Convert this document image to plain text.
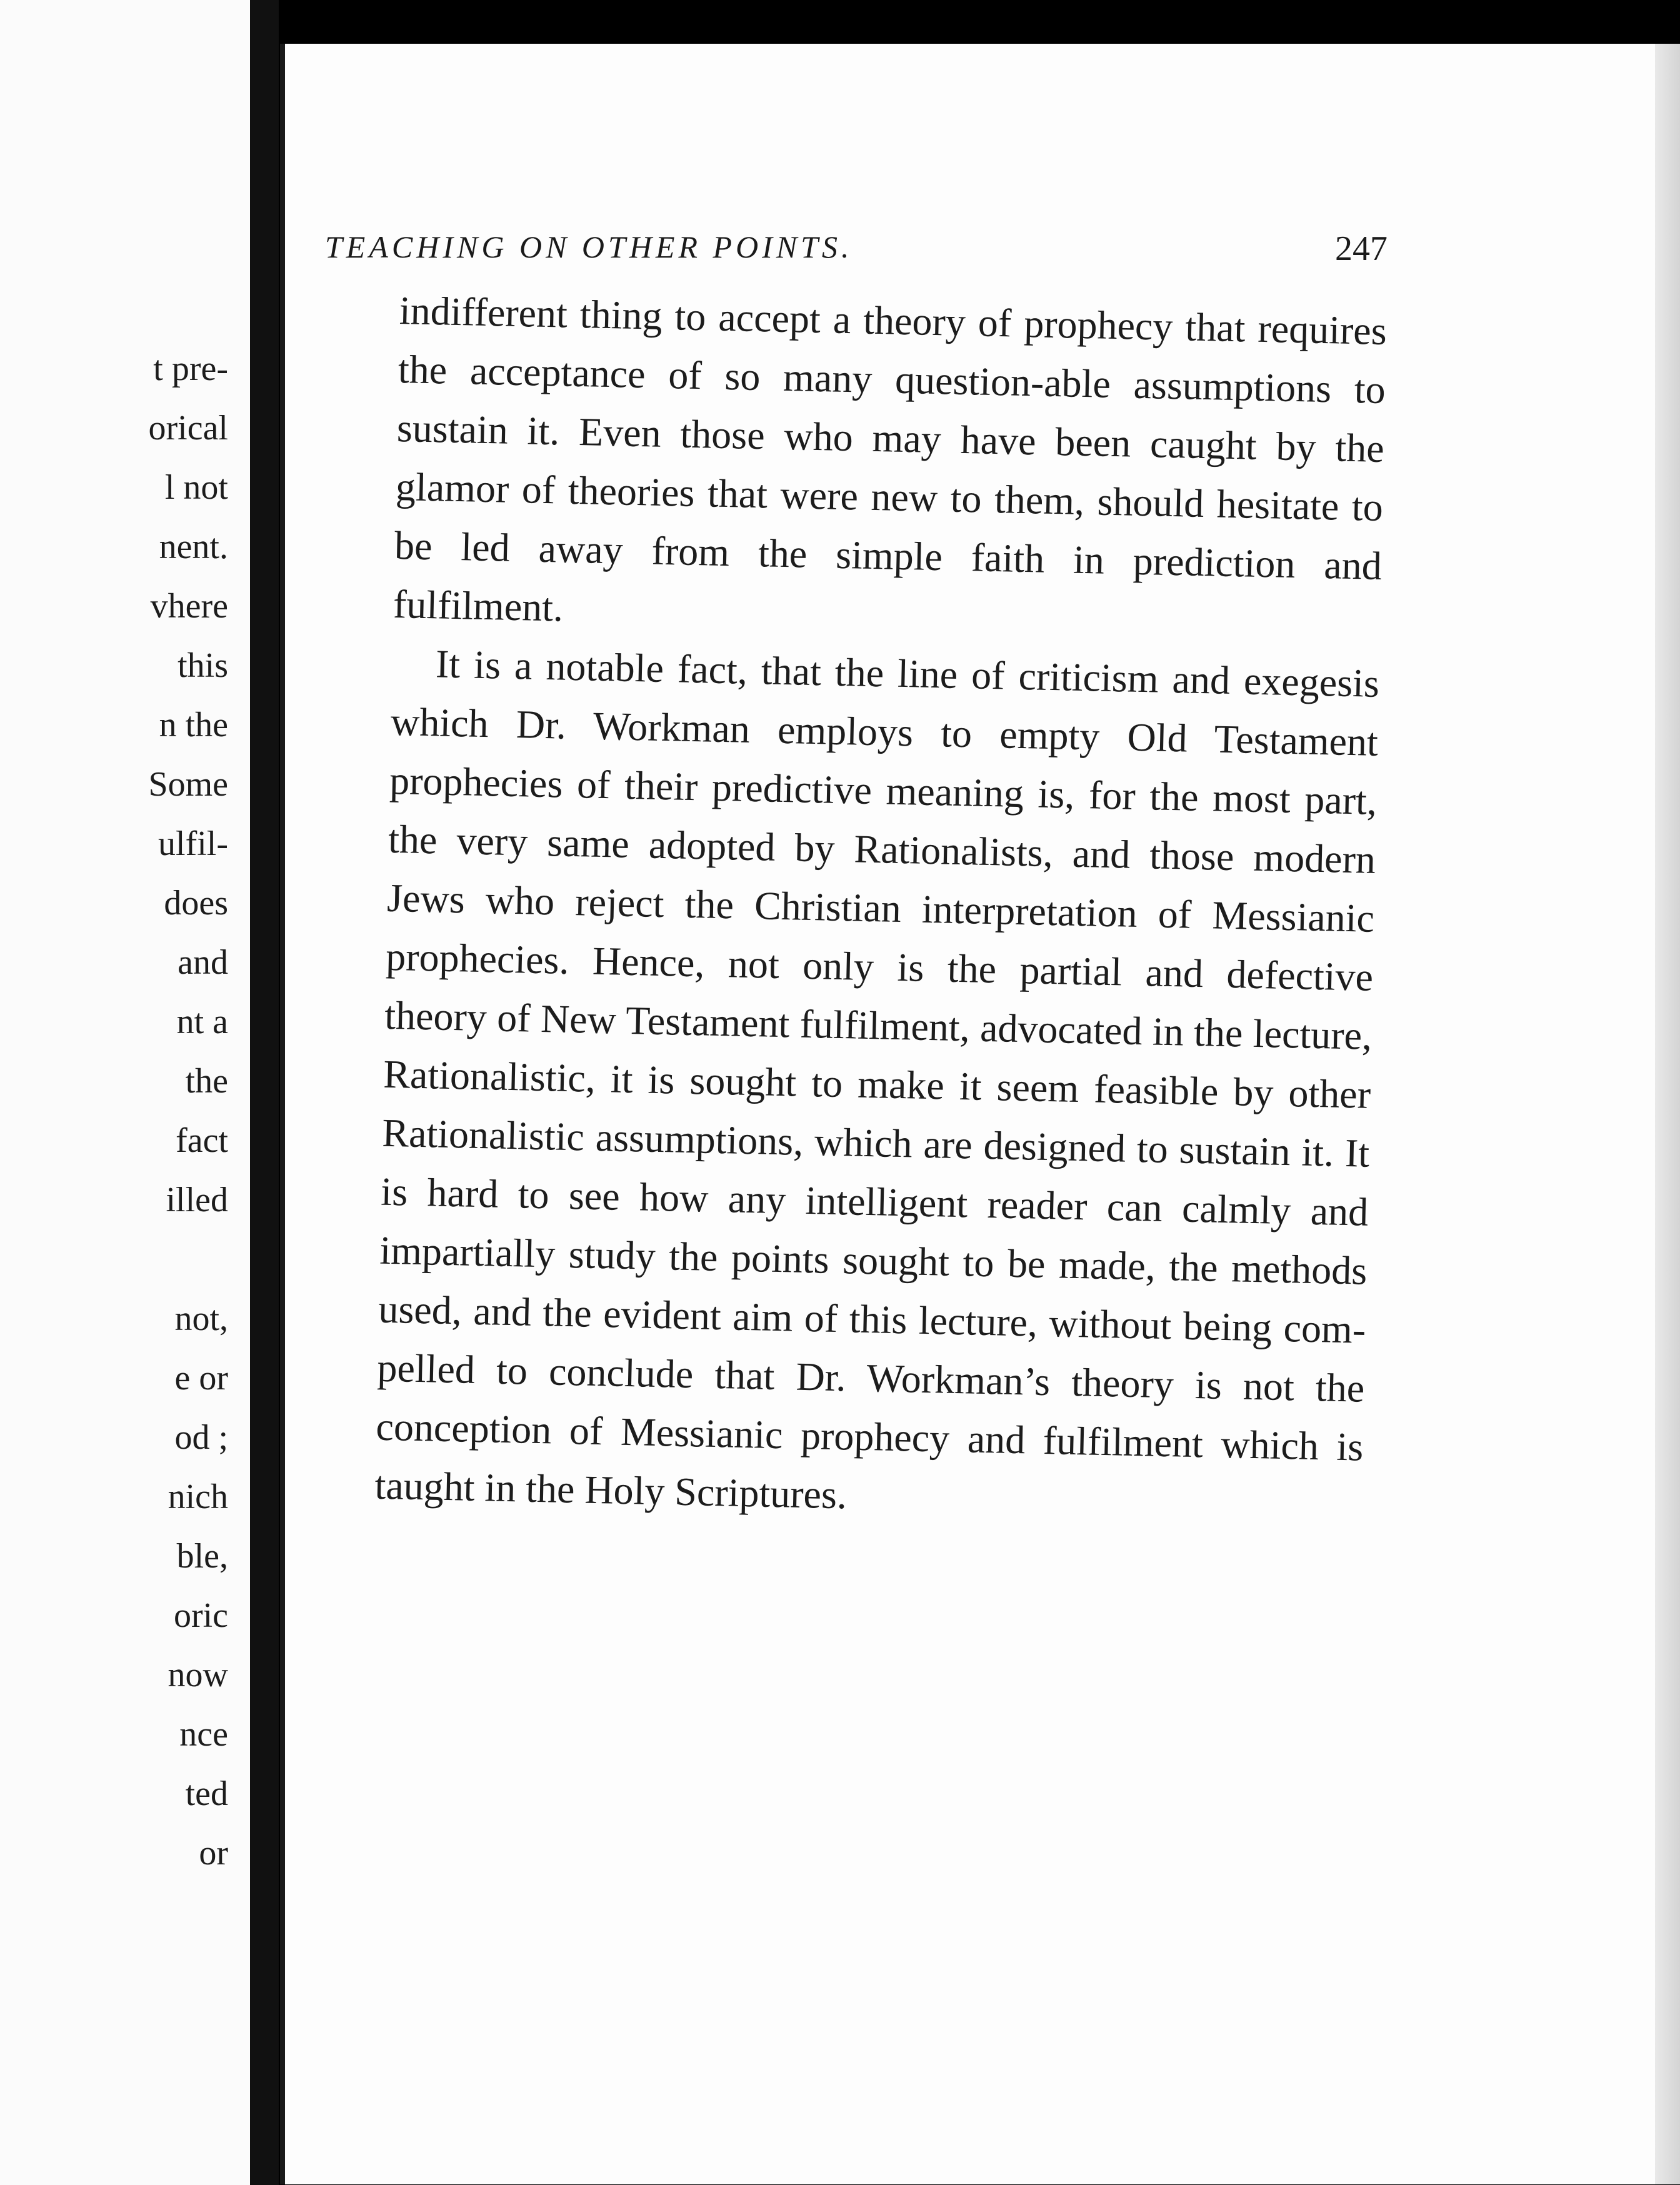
t pre-
orical
l not
nent.
vhere
this
n the
Some
ulfil-
does
and
nt a
the
fact
illed
not,
e or
od ;
nich
ble,
oric
now
nce
ted
or
TEACHING ON OTHER POINTS.	247

indifferent thing to accept a theory of prophecy that requires the acceptance of so many question-able assumptions to sustain it. Even those who may have been caught by the glamor of theories that were new to them, should hesitate to be led away from the simple faith in prediction and fulfilment.

It is a notable fact, that the line of criticism and exegesis which Dr. Workman employs to empty Old Testament prophecies of their predictive meaning is, for the most part, the very same adopted by Rationalists, and those modern Jews who reject the Christian interpretation of Messianic prophecies. Hence, not only is the partial and defective theory of New Testament fulfilment, advocated in the lecture, Rationalistic, it is sought to make it seem feasible by other Rationalistic assumptions, which are designed to sustain it. It is hard to see how any intelligent reader can calmly and impartially study the points sought to be made, the methods used, and the evident aim of this lecture, without being com-pelled to conclude that Dr. Workman’s theory is not the conception of Messianic prophecy and fulfilment which is taught in the Holy Scriptures.
